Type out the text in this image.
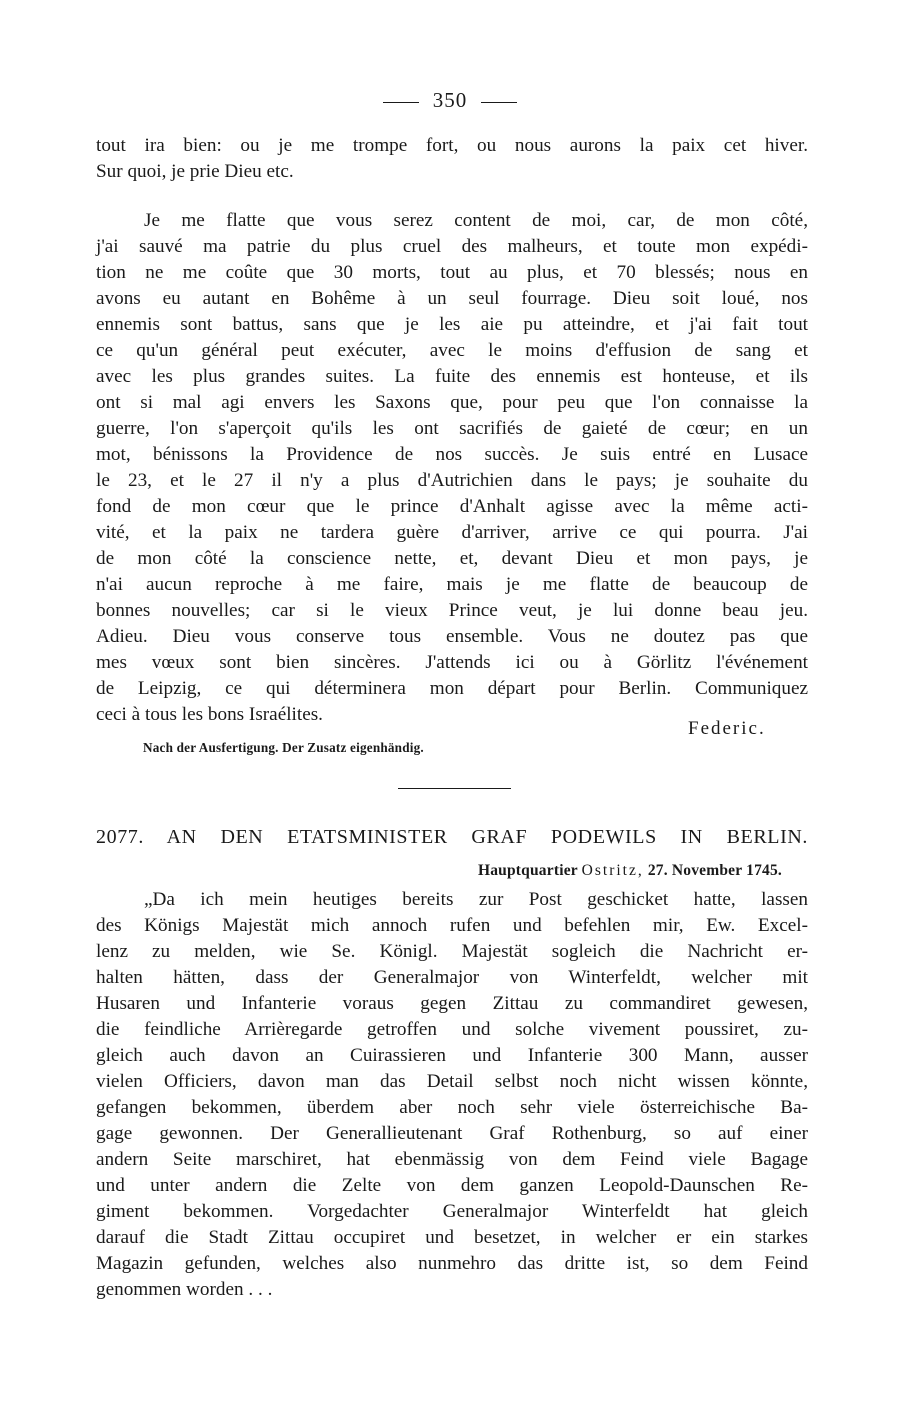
350
tout ira bien: ou je me trompe fort, ou nous aurons la paix cet hiver.
Sur quoi, je prie Dieu etc.
Je me flatte que vous serez content de moi, car, de mon côté,
j'ai sauvé ma patrie du plus cruel des malheurs, et toute mon expédi-
tion ne me coûte que 30 morts, tout au plus, et 70 blessés; nous en
avons eu autant en Bohême à un seul fourrage. Dieu soit loué, nos
ennemis sont battus, sans que je les aie pu atteindre, et j'ai fait tout
ce qu'un général peut exécuter, avec le moins d'effusion de sang et
avec les plus grandes suites. La fuite des ennemis est honteuse, et ils
ont si mal agi envers les Saxons que, pour peu que l'on connaisse la
guerre, l'on s'aperçoit qu'ils les ont sacrifiés de gaieté de cœur; en un
mot, bénissons la Providence de nos succès. Je suis entré en Lusace
le 23, et le 27 il n'y a plus d'Autrichien dans le pays; je souhaite du
fond de mon cœur que le prince d'Anhalt agisse avec la même acti-
vité, et la paix ne tardera guère d'arriver, arrive ce qui pourra. J'ai
de mon côté la conscience nette, et, devant Dieu et mon pays, je
n'ai aucun reproche à me faire, mais je me flatte de beaucoup de
bonnes nouvelles; car si le vieux Prince veut, je lui donne beau jeu.
Adieu. Dieu vous conserve tous ensemble. Vous ne doutez pas que
mes vœux sont bien sincères. J'attends ici ou à Görlitz l'événement
de Leipzig, ce qui déterminera mon départ pour Berlin. Communiquez
ceci à tous les bons Israélites.
Federic.
Nach der Ausfertigung. Der Zusatz eigenhändig.
2077. AN DEN ETATSMINISTER GRAF PODEWILS IN BERLIN.
Hauptquartier Ostritz, 27. November 1745.
„Da ich mein heutiges bereits zur Post geschicket hatte, lassen
des Königs Majestät mich annoch rufen und befehlen mir, Ew. Excel-
lenz zu melden, wie Se. Königl. Majestät sogleich die Nachricht er-
halten hätten, dass der Generalmajor von Winterfeldt, welcher mit
Husaren und Infanterie voraus gegen Zittau zu commandiret gewesen,
die feindliche Arrièregarde getroffen und solche vivement poussiret, zu-
gleich auch davon an Cuirassieren und Infanterie 300 Mann, ausser
vielen Officiers, davon man das Detail selbst noch nicht wissen könnte,
gefangen bekommen, überdem aber noch sehr viele österreichische Ba-
gage gewonnen. Der Generallieutenant Graf Rothenburg, so auf einer
andern Seite marschiret, hat ebenmässig von dem Feind viele Bagage
und unter andern die Zelte von dem ganzen Leopold-Daunschen Re-
giment bekommen. Vorgedachter Generalmajor Winterfeldt hat gleich
darauf die Stadt Zittau occupiret und besetzet, in welcher er ein starkes
Magazin gefunden, welches also nunmehro das dritte ist, so dem Feind
genommen worden . . .
